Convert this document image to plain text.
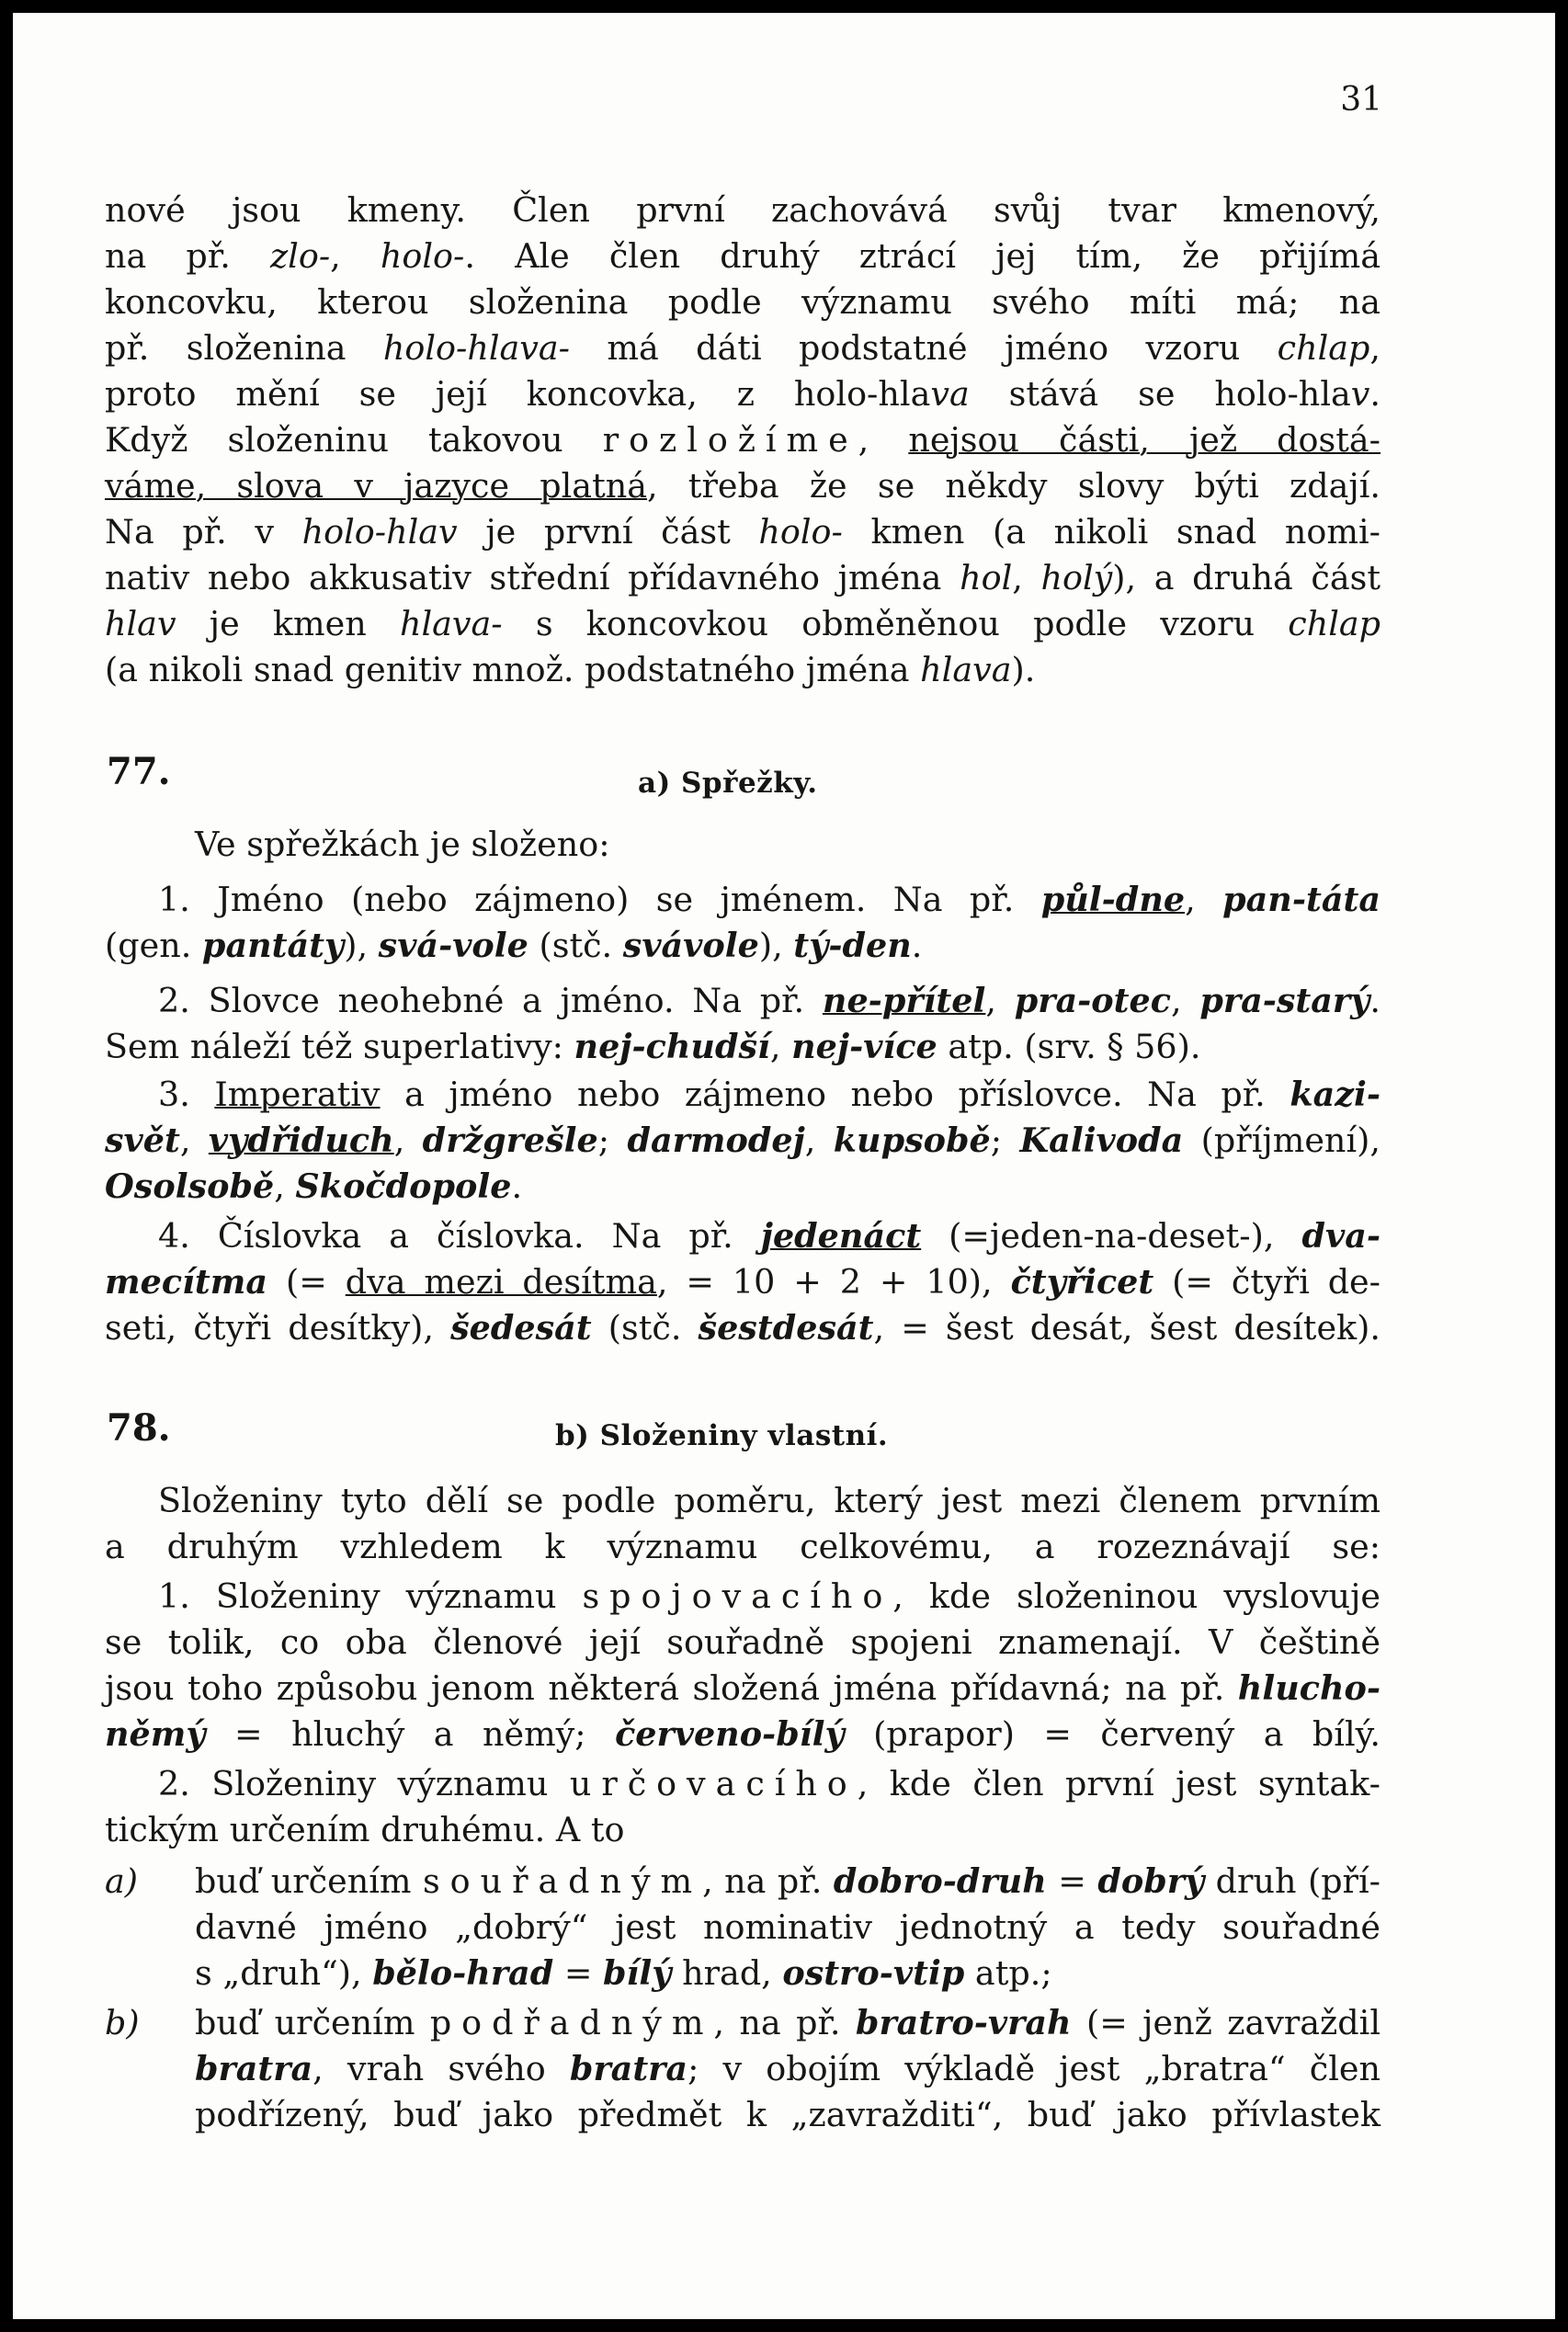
31
nové jsou kmeny. Člen první zachovává svůj tvar kmenový,
na př. zlo-, holo-. Ale člen druhý ztrácí jej tím, že přijímá
koncovku, kterou složenina podle významu svého míti má; na
př. složenina holo-hlava- má dáti podstatné jméno vzoru chlap,
proto mění se její koncovka, z holo-hlava stává se holo-hlav.
Když složeninu takovou rozložíme, nejsou části, jež dostá-
váme, slova v jazyce platná, třeba že se někdy slovy býti zdají.
Na př. v holo-hlav je první část holo- kmen (a nikoli snad nomi-
nativ nebo akkusativ střední přídavného jména hol, holý), a druhá část
hlav je kmen hlava- s koncovkou obměněnou podle vzoru chlap
(a nikoli snad genitiv množ. podstatného jména hlava).
77.	a) Spřežky.
Ve spřežkách je složeno:
1. Jméno (nebo zájmeno) se jménem. Na př. půl-dne, pan-táta
(gen. pantáty), svá-vole (stč. svávole), tý-den.
2. Slovce neohebné a jméno. Na př. ne-přítel, pra-otec, pra-starý.
Sem náleží též superlativy: nej-chudší, nej-více atp. (srv. § 56).
3. Imperativ a jméno nebo zájmeno nebo příslovce. Na př. kazi-
svět, vydřiduch, držgrešle; darmodej, kupsobě; Kalivoda (příjmení),
Osolsobě, Skočdopole.
4. Číslovka a číslovka. Na př. jedenáct (=jeden-na-deset-), dva-
mecítma (= dva mezi desítma, = 10 + 2 + 10), čtyřicet (= čtyři de-
seti, čtyři desítky), šedesát (stč. šestdesát, = šest desát, šest desítek).
78.	b) Složeniny vlastní.
Složeniny tyto dělí se podle poměru, který jest mezi členem prvním
a druhým vzhledem k významu celkovému, a rozeznávají se:
1. Složeniny významu spojovacího, kde složeninou vyslovuje
se tolik, co oba členové její souřadně spojeni znamenají. V češtině
jsou toho způsobu jenom některá složená jména přídavná; na př. hlucho-
němý = hluchý a němý; červeno-bílý (prapor) = červený a bílý.
2. Složeniny významu určovacího, kde člen první jest syntak-
tickým určením druhému. A to
a) buď určením souřadným, na př. dobro-druh = dobrý druh (pří-
davné jméno „dobrý“ jest nominativ jednotný a tedy souřadné
s „druh“), bělo-hrad = bílý hrad, ostro-vtip atp.;
b) buď určením podřadným, na př. bratro-vrah (= jenž zavraždil
bratra, vrah svého bratra; v obojím výkladě jest „bratra“ člen
podřízený, buď jako předmět k „zavražditi“, buď jako přívlastek
